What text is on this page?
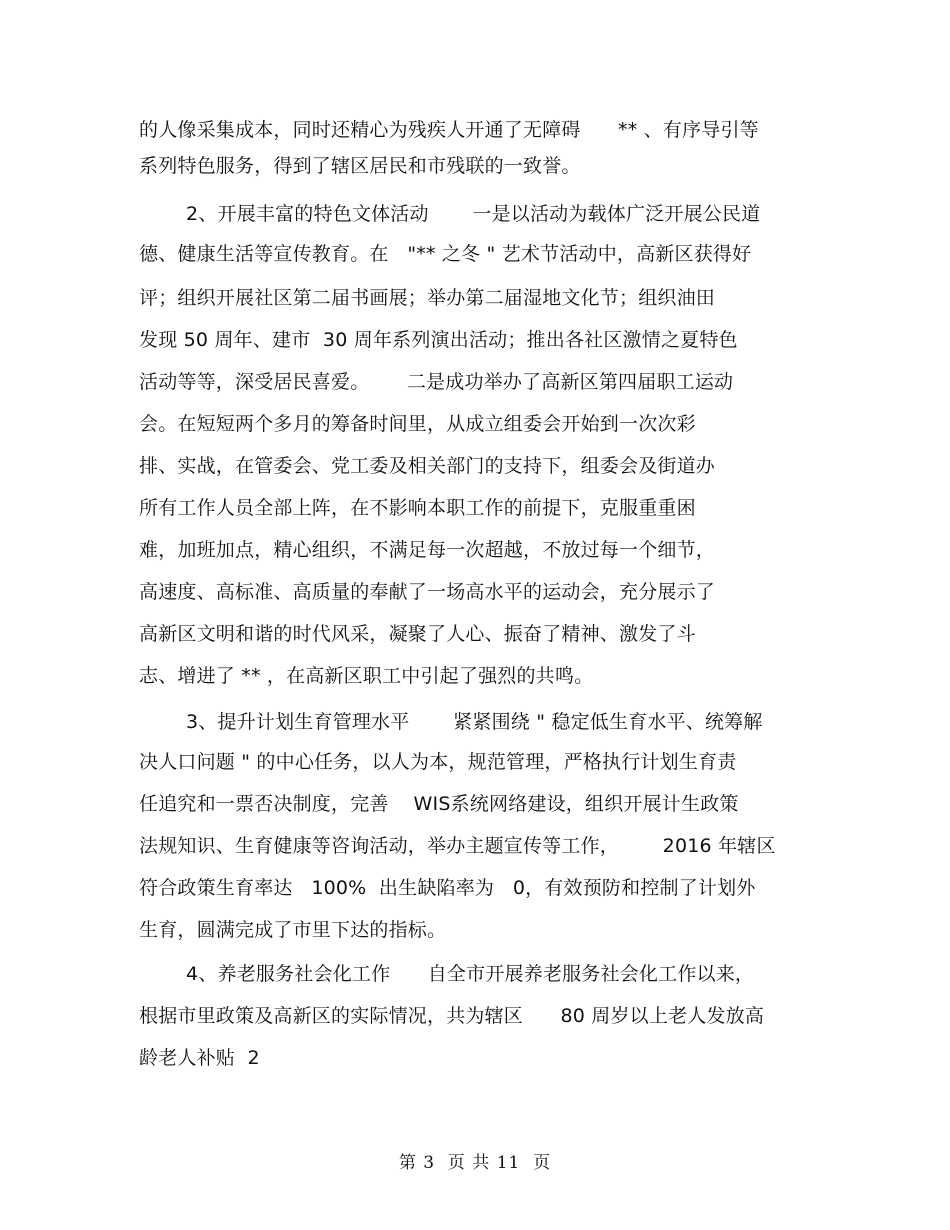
的人像采集成本，同时还精心为残疾人开通了无障碍      ** 、有序导引等
系列特色服务，得到了辖区居民和市残联的一致誉。
2、开展丰富的特色文体活动       一是以活动为载体广泛开展公民道
德、健康生活等宣传教育。在   "** 之冬 " 艺术节活动中，高新区获得好
评；组织开展社区第二届书画展；举办第二届湿地文化节；组织油田
发现 50 周年、建市  30 周年系列演出活动；推出各社区激情之夏特色
活动等等，深受居民喜爱。      二是成功举办了高新区第四届职工运动
会。在短短两个多月的筹备时间里，从成立组委会开始到一次次彩
排、实战，在管委会、党工委及相关部门的支持下，组委会及街道办
所有工作人员全部上阵，在不影响本职工作的前提下，克服重重困
难，加班加点，精心组织，不满足每一次超越，不放过每一个细节，
高速度、高标准、高质量的奉献了一场高水平的运动会，充分展示了
高新区文明和谐的时代风采，凝聚了人心、振奋了精神、激发了斗
志、增进了 ** ，在高新区职工中引起了强烈的共鸣。
3、提升计划生育管理水平       紧紧围绕 " 稳定低生育水平、统筹解
决人口问题 " 的中心任务，以人为本，规范管理，严格执行计划生育责
任追究和一票否决制度，完善    WIS系统网络建设，组织开展计生政策
法规知识、生育健康等咨询活动，举办主题宣传等工作，       2016 年辖区
符合政策生育率达   100%  出生缺陷率为   0，有效预防和控制了计划外
生育，圆满完成了市里下达的指标。
4、养老服务社会化工作      自全市开展养老服务社会化工作以来，
根据市里政策及高新区的实际情况，共为辖区      80 周岁以上老人发放高
龄老人补贴  2
第 3  页 共 11  页
